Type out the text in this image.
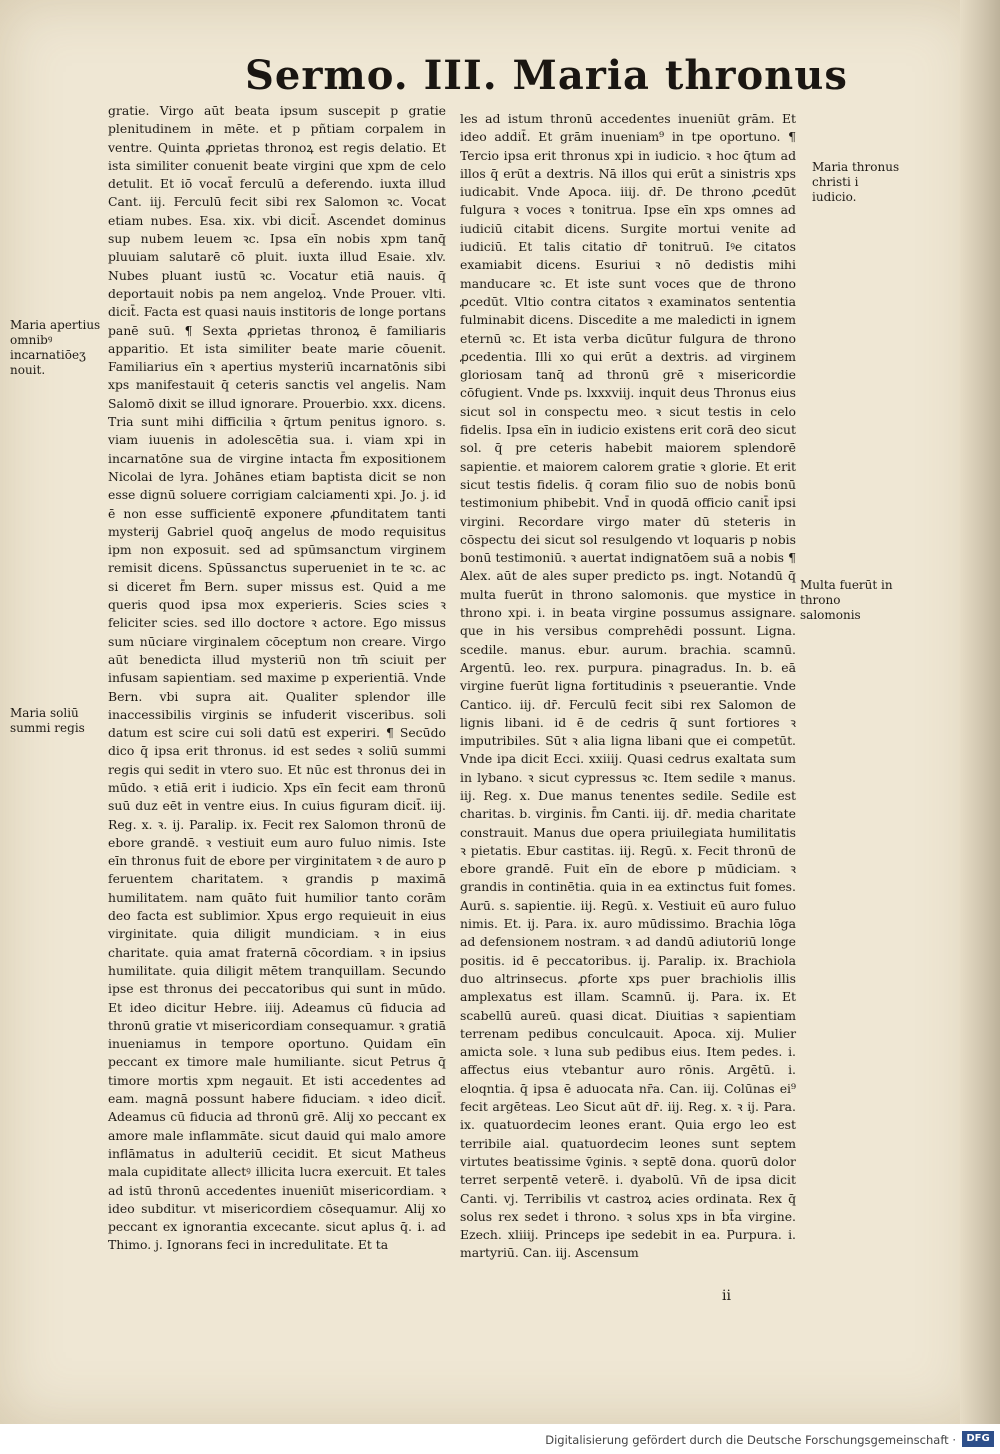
Sermo. III. Maria thronus

gratie. Virgo aūt beata ipsum suscepit p gratie plenitudinem in mēte. et p pñtiam corpalem in ventre. Quinta ꝓprietas thronoꝝ est regis delatio. Et ista similiter conuenit beate virgini que xpm de celo detulit. Et iō vocat̄ ferculū a deferendo. iuxta illud Cant. iij. Ferculū fecit sibi rex Salomon ꝛc. Vocat etiam nubes. Esa. xix. vbi dicit̄. Ascendet dominus sup nubem leuem ꝛc. Ipsa eīn nobis xpm tanq̄ pluuiam salutarē cō pluit. iuxta illud Esaie. xlv. Nubes pluant iustū ꝛc. Vocatur etiā nauis. q̄ deportauit nobis pa nem angeloꝝ. Vnde Prouer. vlti. dicit̄. Facta est quasi nauis institoris de longe portans panē suū. ¶ Sexta ꝓprietas thronoꝝ ē familiaris apparitio. Et ista similiter beate marie cōuenit. Familiarius eīn ꝛ apertius mysteriū incarnatōnis sibi xps manifestauit q̄ ceteris sanctis vel angelis. Nam Salomō dixit se illud ignorare. Prouerbio. xxx. dicens. Tria sunt mihi difficilia ꝛ q̄rtum penitus ignoro. s. viam iuuenis in adolescētia sua. i. viam xpi in incarnatōne sua de virgine intacta f̄m expositionem Nicolai de lyra. Johānes etiam baptista dicit se non esse dignū soluere corrigiam calciamenti xpi. Jo. j. id ē non esse sufficientē exponere ꝓfunditatem tanti mysterij Gabriel quoq̄ angelus de modo requisitus ipm non exposuit. sed ad spūmsanctum virginem remisit dicens. Spūssanctus superueniet in te ꝛc. ac si diceret f̄m Bern. super missus est. Quid a me queris quod ipsa mox experieris. Scies scies ꝛ feliciter scies. sed illo doctore ꝛ actore. Ego missus sum nūciare virginalem cōceptum non creare. Virgo aūt benedicta illud mysteriū non tm̄ sciuit per infusam sapientiam. sed maxime p experientiā. Vnde Bern. vbi supra ait. Qualiter splendor ille inaccessibilis virginis se infuderit visceribus. soli datum est scire cui soli datū est experiri. ¶ Secūdo dico q̄ ipsa erit thronus. id est sedes ꝛ soliū summi regis qui sedit in vtero suo. Et nūc est thronus dei in mūdo. ꝛ etiā erit i iudicio. Xps eīn fecit eam thronū suū duz eēt in ventre eius. In cuius figuram dicit̄. iij. Reg. x. ꝛ. ij. Paralip. ix. Fecit rex Salomon thronū de ebore grandē. ꝛ vestiuit eum auro fuluo nimis. Iste eīn thronus fuit de ebore per virginitatem ꝛ de auro p feruentem charitatem. ꝛ grandis p maximā humilitatem. nam quāto fuit humilior tanto corām deo facta est sublimior. Xpus ergo requieuit in eius virginitate. quia diligit mundiciam. ꝛ in eius charitate. quia amat fraternā cōcordiam. ꝛ in ipsius humilitate. quia diligit mētem tranquillam. Secundo ipse est thronus dei peccatoribus qui sunt in mūdo. Et ideo dicitur Hebre. iiij. Adeamus cū fiducia ad thronū gratie vt misericordiam consequamur. ꝛ gratiā inueniamus in tempore oportuno. Quidam eīn peccant ex timore male humiliante. sicut Petrus q̄ timore mortis xpm negauit. Et isti accedentes ad eam. magnā possunt habere fiduciam. ꝛ ideo dicit̄. Adeamus cū fiducia ad thronū grē. Alij xo peccant ex amore male inflammāte. sicut dauid qui malo amore inflāmatus in adulteriū cecidit. Et sicut Matheus mala cupiditate allectꝰ illicita lucra exercuit. Et tales ad istū thronū accedentes inueniūt misericordiam. ꝛ ideo subditur. vt misericordiem cōsequamur. Alij xo peccant ex ignorantia excecante. sicut aplus q̄. i. ad Thimo. j. Ignorans feci in incredulitate. Et ta

les ad istum thronū accedentes inueniūt grām. Et ideo addit̄. Et grām inueniam⁹ in tpe oportuno. ¶ Tercio ipsa erit thronus xpi in iudicio. ꝛ hoc q̄tum ad illos q̄ erūt a dextris. Nā illos qui erūt a sinistris xps iudicabit. Vnde Apoca. iiij. dr̄. De throno ꝓcedūt fulgura ꝛ voces ꝛ tonitrua. Ipse eīn xps omnes ad iudiciū citabit dicens. Surgite mortui venite ad iudiciū. Et talis citatio dr̄ tonitruū. Iꝰe citatos examiabit dicens. Esuriui ꝛ nō dedistis mihi manducare ꝛc. Et iste sunt voces que de throno ꝓcedūt. Vltio contra citatos ꝛ examinatos sententia fulminabit dicens. Discedite a me maledicti in ignem eternū ꝛc. Et ista verba dicūtur fulgura de throno ꝓcedentia. Illi xo qui erūt a dextris. ad virginem gloriosam tanq̄ ad thronū grē ꝛ misericordie cōfugient. Vnde ps. lxxxviij. inquit deus Thronus eius sicut sol in conspectu meo. ꝛ sicut testis in celo fidelis. Ipsa eīn in iudicio existens erit corā deo sicut sol. q̄ pre ceteris habebit maiorem splendorē sapientie. et maiorem calorem gratie ꝛ glorie. Et erit sicut testis fidelis. q̄ coram filio suo de nobis bonū testimonium phibebit. Vnd̄ in quodā officio canit̄ ipsi virgini. Recordare virgo mater dū steteris in cōspectu dei sicut sol resulgendo vt loquaris p nobis bonū testimoniū. ꝛ auertat indignatōem suā a nobis ¶ Alex. aūt de ales super predicto ps. ingt. Notandū q̄ multa fuerūt in throno salomonis. que mystice in throno xpi. i. in beata virgine possumus assignare. que in his versibus comprehēdi possunt. Ligna. scedile. manus. ebur. aurum. brachia. scamnū. Argentū. leo. rex. purpura. pinagradus. In. b. eā virgine fuerūt ligna fortitudinis ꝛ pseuerantie. Vnde Cantico. iij. dr̄. Ferculū fecit sibi rex Salomon de lignis libani. id ē de cedris q̄ sunt fortiores ꝛ imputribiles. Sūt ꝛ alia ligna libani que ei competūt. Vnde ipa dicit Ecci. xxiiij. Quasi cedrus exaltata sum in lybano. ꝛ sicut cypressus ꝛc. Item sedile ꝛ manus. iij. Reg. x. Due manus tenentes sedile. Sedile est charitas. b. virginis. f̄m Canti. iij. dr̄. media charitate constrauit. Manus due opera priuilegiata humilitatis ꝛ pietatis. Ebur castitas. iij. Regū. x. Fecit thronū de ebore grandē. Fuit eīn de ebore p mūdiciam. ꝛ grandis in continētia. quia in ea extinctus fuit fomes. Aurū. s. sapientie. iij. Regū. x. Vestiuit eū auro fuluo nimis. Et. ij. Para. ix. auro mūdissimo. Brachia lōga ad defensionem nostram. ꝛ ad dandū adiutoriū longe positis. id ē peccatoribus. ij. Paralip. ix. Brachiola duo altrinsecus. ꝓforte xps puer brachiolis illis amplexatus est illam. Scamnū. ij. Para. ix. Et scabellū aureū. quasi dicat. Diuitias ꝛ sapientiam terrenam pedibus conculcauit. Apoca. xij. Mulier amicta sole. ꝛ luna sub pedibus eius. Item pedes. i. affectus eius vtebantur auro rōnis. Argētū. i. eloqntia. q̄ ipsa ē aduocata nr̄a. Can. iij. Colūnas ei⁹ fecit argēteas. Leo Sicut aūt dr̄. iij. Reg. x. ꝛ ij. Para. ix. quatuordecim leones erant. Quia ergo leo est terribile aial. quatuordecim leones sunt septem virtutes beatissime v̄ginis. ꝛ septē dona. quorū dolor terret serpentē veterē. i. dyabolū. Vn̄ de ipsa dicit Canti. vj. Terribilis vt castroꝝ acies ordinata. Rex q̄ solus rex sedet i throno. ꝛ solus xps in bt̄a virgine. Ezech. xliiij. Princeps ipe sedebit in ea. Purpura. i. martyriū. Can. iij. Ascensum

Maria apertius omnibꝰ incarnatiōeʒ nouit.
Maria soliū summi regis
Maria thronus christi i iudicio.
Multa fuerūt in throno salomonis
ii
Digitalisierung gefördert durch die Deutsche Forschungsgemeinschaft ·	DFG
